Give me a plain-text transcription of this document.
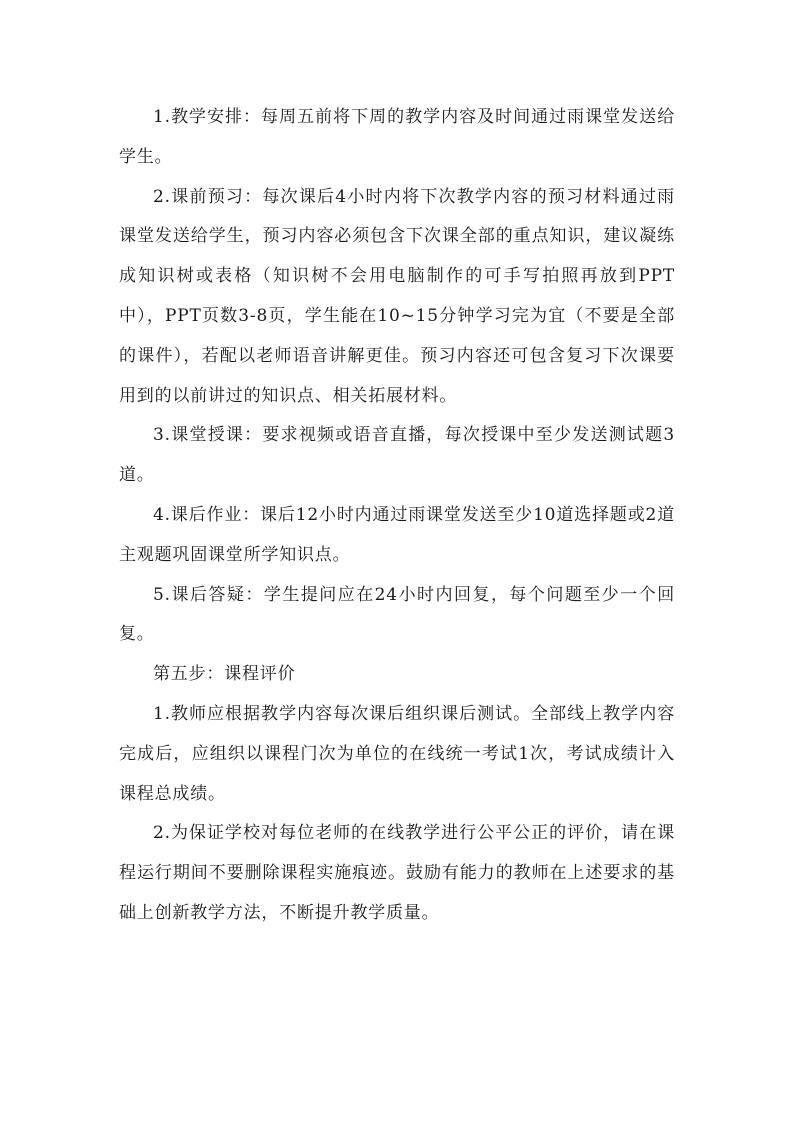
1.教学安排：每周五前将下周的教学内容及时间通过雨课堂发送给学生。

2.课前预习：每次课后4小时内将下次教学内容的预习材料通过雨课堂发送给学生，预习内容必须包含下次课全部的重点知识，建议凝练成知识树或表格（知识树不会用电脑制作的可手写拍照再放到PPT中），PPT页数3-8页，学生能在10~15分钟学习完为宜（不要是全部的课件），若配以老师语音讲解更佳。预习内容还可包含复习下次课要用到的以前讲过的知识点、相关拓展材料。

3.课堂授课：要求视频或语音直播，每次授课中至少发送测试题3道。

4.课后作业：课后12小时内通过雨课堂发送至少10道选择题或2道主观题巩固课堂所学知识点。

5.课后答疑：学生提问应在24小时内回复，每个问题至少一个回复。

第五步：课程评价

1.教师应根据教学内容每次课后组织课后测试。全部线上教学内容完成后，应组织以课程门次为单位的在线统一考试1次，考试成绩计入课程总成绩。

2.为保证学校对每位老师的在线教学进行公平公正的评价，请在课程运行期间不要删除课程实施痕迹。鼓励有能力的教师在上述要求的基础上创新教学方法，不断提升教学质量。
